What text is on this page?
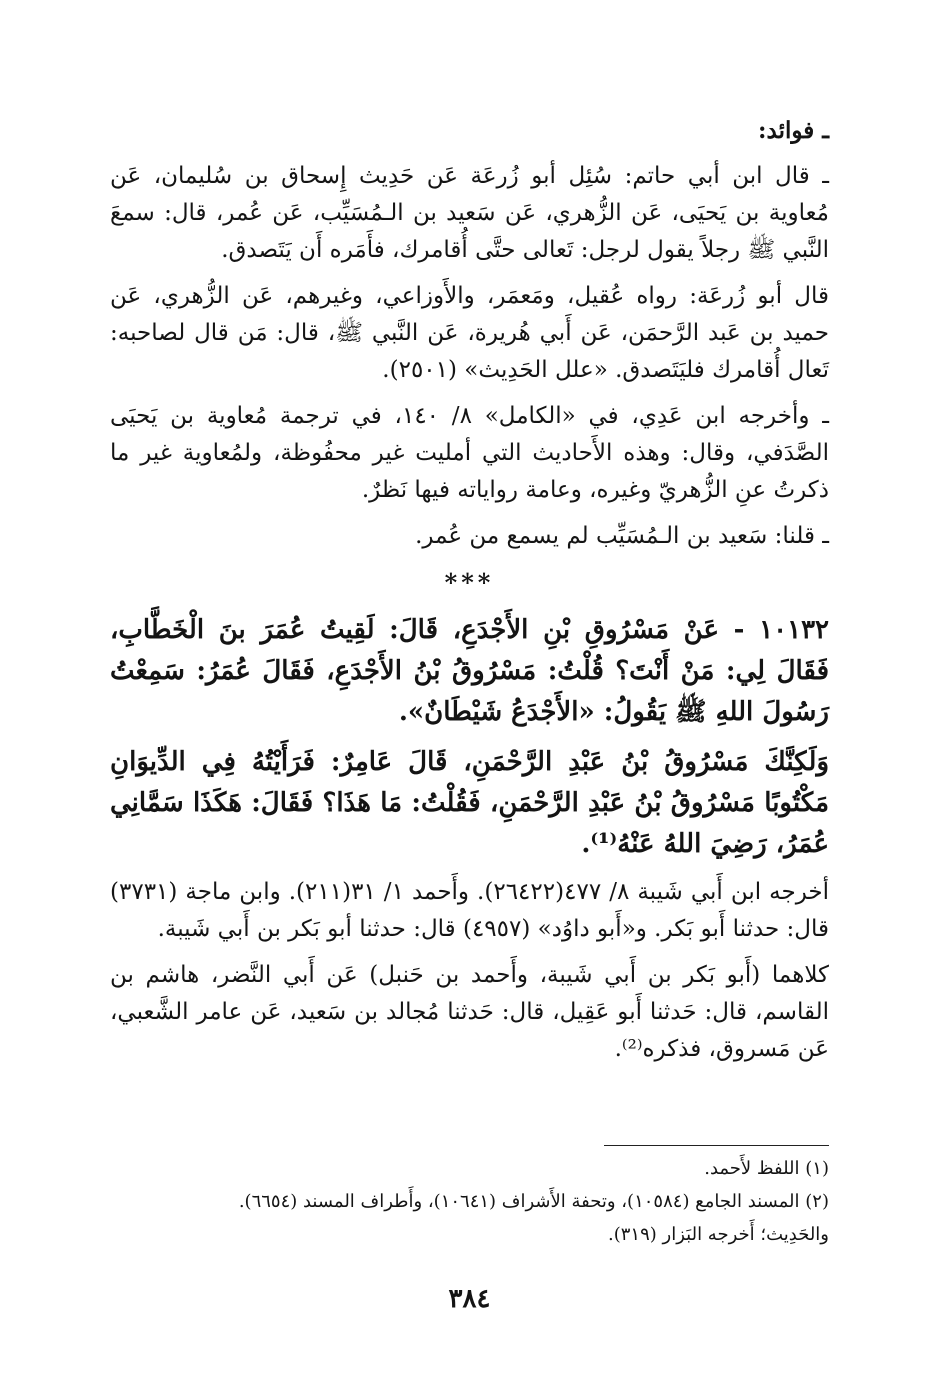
ـ فوائد:

ـ قال ابن أبي حاتم: سُئِل أبو زُرعَة عَن حَدِيث إِسحاق بن سُليمان، عَن مُعاوية بن يَحيَى، عَن الزُّهري، عَن سَعيد بن الـمُسَيِّب، عَن عُمر، قال: سمعَ النَّبي ﷺ رجلاً يقول لرجل: تَعالى حتَّى أُقامرك، فأَمَره أَن يَتَصدق.

قال أبو زُرعَة: رواه عُقيل، ومَعمَر، والأَوزاعي، وغيرهم، عَن الزُّهري، عَن حميد بن عَبد الرَّحمَن، عَن أَبي هُريرة، عَن النَّبي ﷺ، قال: مَن قال لصاحبه: تَعال أُقامرك فليَتَصدق. «علل الحَدِيث» (٢٥٠١).

ـ وأخرجه ابن عَدِي، في «الكامل» ٨/ ١٤٠، في ترجمة مُعاوية بن يَحيَى الصَّدَفي، وقال: وهذه الأَحاديث التي أمليت غير محفُوظة، ولمُعاوية غير ما ذكرتُ عنِ الزُّهريّ وغيره، وعامة رواياته فيها نَظرٌ.

ـ قلنا: سَعيد بن الـمُسَيِّب لم يسمع من عُمر.

***

١٠١٣٢ - عَنْ مَسْرُوقِ بْنِ الأَجْدَعِ، قَالَ: لَقِيتُ عُمَرَ بنَ الْخَطَّابِ، فَقَالَ لِي: مَنْ أَنْتَ؟ قُلْتُ: مَسْرُوقُ بْنُ الأَجْدَعِ، فَقَالَ عُمَرُ: سَمِعْتُ رَسُولَ اللهِ ﷺ يَقُولُ: «الأَجْدَعُ شَيْطَانٌ».

وَلَكِنَّكَ مَسْرُوقُ بْنُ عَبْدِ الرَّحْمَنِ، قَالَ عَامِرٌ: فَرَأَيْتُهُ فِي الدِّيوَانِ مَكْتُوبًا مَسْرُوقُ بْنُ عَبْدِ الرَّحْمَنِ، فَقُلْتُ: مَا هَذَا؟ فَقَالَ: هَكَذَا سَمَّانِي عُمَرُ، رَضِيَ اللهُ عَنْهُ⁽¹⁾.

أخرجه ابن أَبي شَيبة ٨/ ٤٧٧(٢٦٤٢٢). وأَحمد ١/ ٣١(٢١١). وابن ماجة (٣٧٣١) قال: حدثنا أَبو بَكر. و«أَبو داوُد» (٤٩٥٧) قال: حدثنا أبو بَكر بن أَبي شَيبة.

كلاهما (أَبو بَكر بن أَبي شَيبة، وأَحمد بن حَنبل) عَن أَبي النَّضر، هاشم بن القاسم، قال: حَدثنا أَبو عَقِيل، قال: حَدثنا مُجالد بن سَعيد، عَن عامر الشَّعبي، عَن مَسروق، فذكره⁽²⁾.

(١) اللفظ لأَحمد.

(٢) المسند الجامع (١٠٥٨٤)، وتحفة الأَشراف (١٠٦٤١)، وأَطراف المسند (٦٦٥٤).

والحَدِيث؛ أَخرجه البَزار (٣١٩).

٣٨٤
